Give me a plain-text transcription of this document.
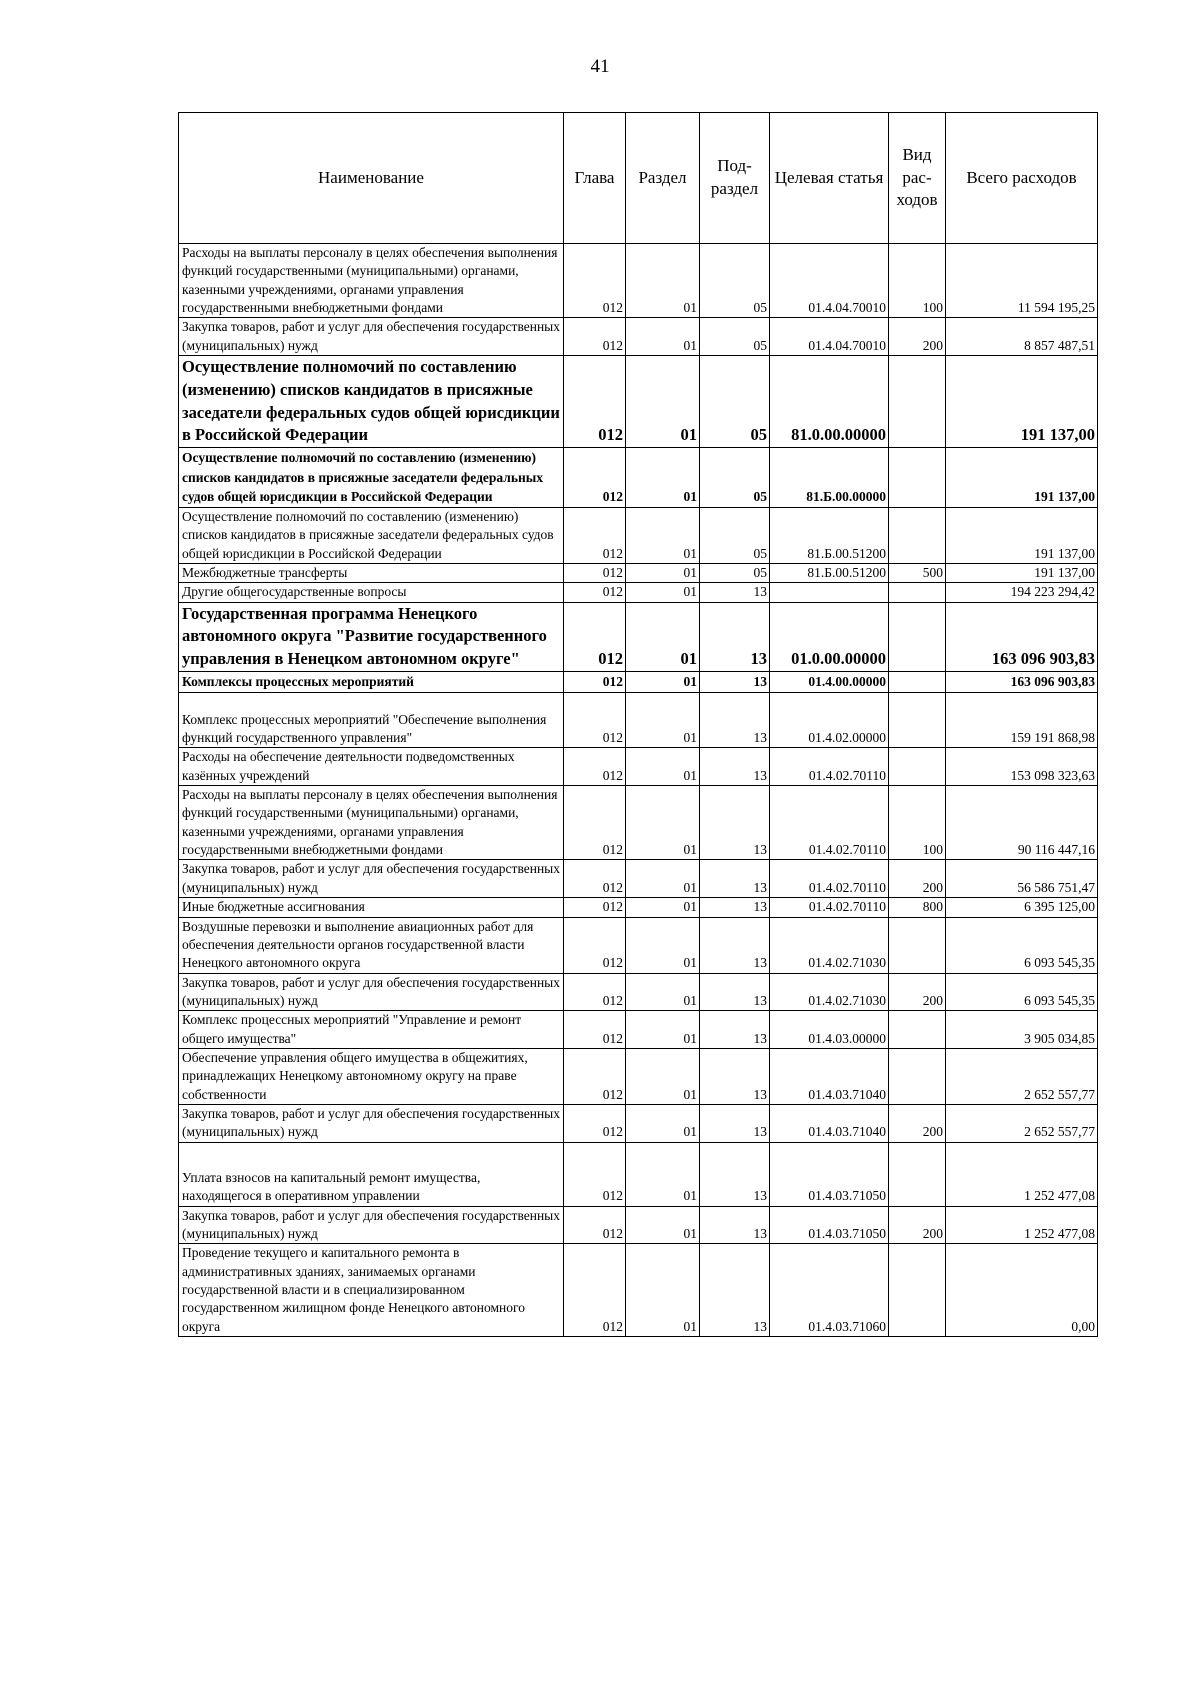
41
Наименование	Глава	Раздел	Под-раздел	Целевая статья	Вид рас-ходов	Всего расходов
Расходы на выплаты персоналу в целях обеспечения выполнения функций государственными (муниципальными) органами, казенными учреждениями, органами управления государственными внебюджетными фондами	012	01	05	01.4.04.70010	100	11 594 195,25
Закупка товаров, работ и услуг для обеспечения государственных (муниципальных) нужд	012	01	05	01.4.04.70010	200	8 857 487,51
Осуществление полномочий по составлению (изменению) списков кандидатов в присяжные заседатели федеральных судов общей юрисдикции в Российской Федерации	012	01	05	81.0.00.00000		191 137,00
Осуществление полномочий по составлению (изменению) списков кандидатов в присяжные заседатели федеральных судов общей юрисдикции в Российской Федерации	012	01	05	81.Б.00.00000		191 137,00
Осуществление полномочий по составлению (изменению) списков кандидатов в присяжные заседатели федеральных судов общей юрисдикции в Российской Федерации	012	01	05	81.Б.00.51200		191 137,00
Межбюджетные трансферты	012	01	05	81.Б.00.51200	500	191 137,00
Другие общегосударственные вопросы	012	01	13			194 223 294,42
Государственная программа Ненецкого автономного округа "Развитие государственного управления в Ненецком автономном округе"	012	01	13	01.0.00.00000		163 096 903,83
Комплексы процессных мероприятий	012	01	13	01.4.00.00000		163 096 903,83

Комплекс процессных мероприятий "Обеспечение выполнения функций государственного управления"	012	01	13	01.4.02.00000		159 191 868,98
Расходы на обеспечение деятельности подведомственных казённых учреждений	012	01	13	01.4.02.70110		153 098 323,63
Расходы на выплаты персоналу в целях обеспечения выполнения функций государственными (муниципальными) органами, казенными учреждениями, органами управления государственными внебюджетными фондами	012	01	13	01.4.02.70110	100	90 116 447,16
Закупка товаров, работ и услуг для обеспечения государственных (муниципальных) нужд	012	01	13	01.4.02.70110	200	56 586 751,47
Иные бюджетные ассигнования	012	01	13	01.4.02.70110	800	6 395 125,00
Воздушные перевозки и выполнение авиационных работ для обеспечения деятельности органов государственной власти Ненецкого автономного округа	012	01	13	01.4.02.71030		6 093 545,35
Закупка товаров, работ и услуг для обеспечения государственных (муниципальных) нужд	012	01	13	01.4.02.71030	200	6 093 545,35
Комплекс процессных мероприятий "Управление и ремонт общего имущества"	012	01	13	01.4.03.00000		3 905 034,85
Обеспечение управления общего имущества в общежитиях, принадлежащих Ненецкому автономному округу на праве собственности	012	01	13	01.4.03.71040		2 652 557,77
Закупка товаров, работ и услуг для обеспечения государственных (муниципальных) нужд	012	01	13	01.4.03.71040	200	2 652 557,77

Уплата взносов на капитальный ремонт имущества, находящегося в оперативном управлении	012	01	13	01.4.03.71050		1 252 477,08
Закупка товаров, работ и услуг для обеспечения государственных (муниципальных) нужд	012	01	13	01.4.03.71050	200	1 252 477,08
Проведение текущего и капитального ремонта в административных зданиях, занимаемых органами государственной власти и в специализированном государственном жилищном фонде Ненецкого автономного округа	012	01	13	01.4.03.71060		0,00
